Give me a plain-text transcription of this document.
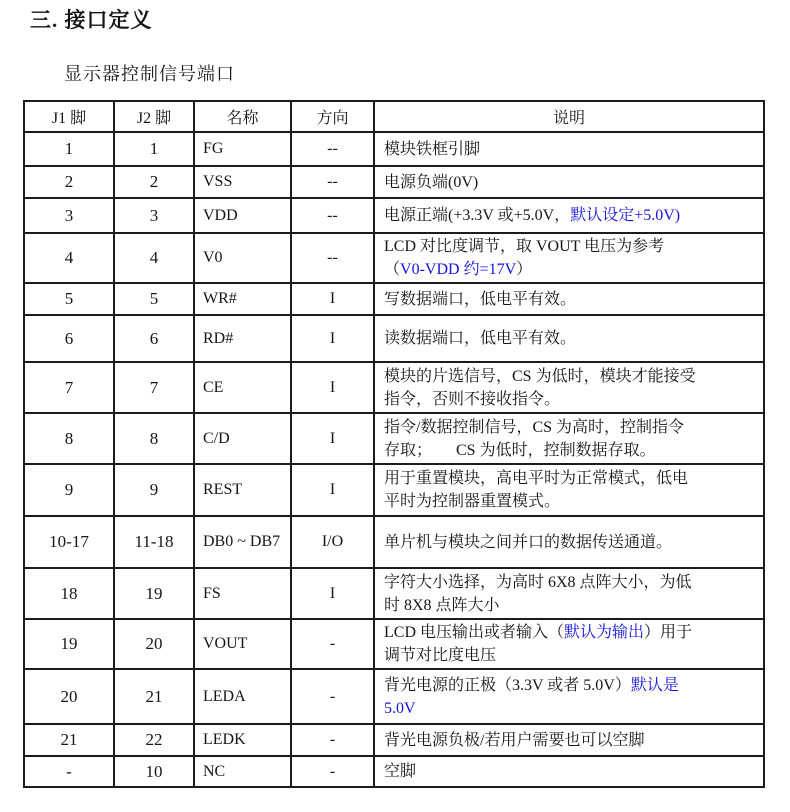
三. 接口定义
显示器控制信号端口
J1 脚	J2 脚	名称	方向	说明
1	1	FG	--	模块铁框引脚

2	2	VSS	--	电源负端(0V)

3	3	VDD	--	电源正端(+3.3V 或+5.0V，默认设定+5.0V)

4	4	V0	--	LCD 对比度调节，取 VOUT 电压为参考
（V0-VDD 约=17V）

5	5	WR#	I	写数据端口，低电平有效。

6	6	RD#	I	读数据端口，低电平有效。

7	7	CE	I	模块的片选信号，CS 为低时，模块才能接受
指令，否则不接收指令。

8	8	C/D	I	指令/数据控制信号，CS 为高时，控制指令
存取；　　CS 为低时，控制数据存取。

9	9	REST	I	用于重置模块，高电平时为正常模式，低电
平时为控制器重置模式。

10-17	11-18	DB0 ~ DB7	I/O	单片机与模块之间并口的数据传送通道。

18	19	FS	I	字符大小选择，为高时 6X8 点阵大小，为低
时 8X8 点阵大小

19	20	VOUT	-	LCD 电压输出或者输入（默认为输出）用于
调节对比度电压

20	21	LEDA	-	背光电源的正极（3.3V 或者 5.0V）默认是
5.0V

21	22	LEDK	-	背光电源负极/若用户需要也可以空脚

-	10	NC	-	空脚
